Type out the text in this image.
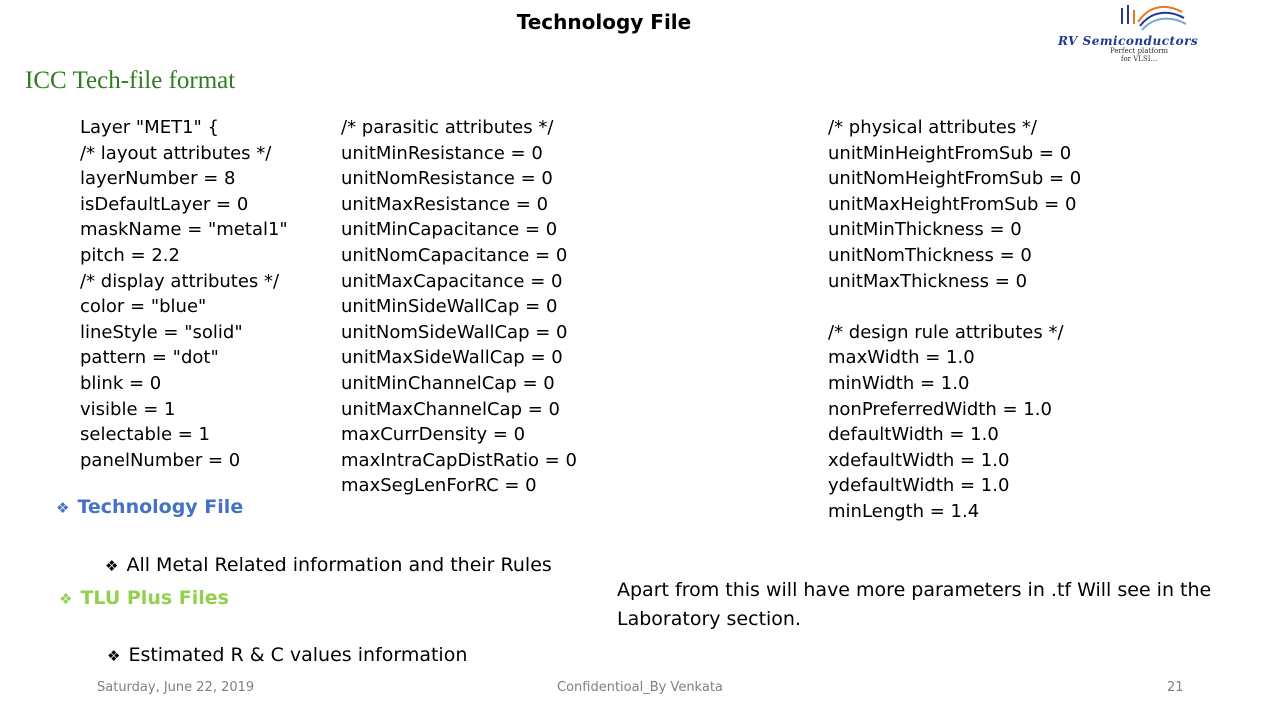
Technology File
RV Semiconductors
Perfect platform
for VLSI...
ICC Tech-file format
Layer "MET1" {
/* layout attributes */
layerNumber = 8
isDefaultLayer = 0
maskName = "metal1"
pitch = 2.2
/* display attributes */
color = "blue"
lineStyle = "solid"
pattern = "dot"
blink = 0
visible = 1
selectable = 1
panelNumber = 0
/* parasitic attributes */
unitMinResistance = 0
unitNomResistance = 0
unitMaxResistance = 0
unitMinCapacitance = 0
unitNomCapacitance = 0
unitMaxCapacitance = 0
unitMinSideWallCap = 0
unitNomSideWallCap = 0
unitMaxSideWallCap = 0
unitMinChannelCap = 0
unitMaxChannelCap = 0
maxCurrDensity = 0
maxIntraCapDistRatio = 0
maxSegLenForRC = 0
/* physical attributes */
unitMinHeightFromSub = 0
unitNomHeightFromSub = 0
unitMaxHeightFromSub = 0
unitMinThickness = 0
unitNomThickness = 0
unitMaxThickness = 0
/* design rule attributes */
maxWidth = 1.0
minWidth = 1.0
nonPreferredWidth = 1.0
defaultWidth = 1.0
xdefaultWidth = 1.0
ydefaultWidth = 1.0
minLength = 1.4
❖ Technology File
❖ All Metal Related information and their Rules
❖ TLU Plus Files
❖ Estimated R & C values information
Apart from this will have more parameters in .tf Will see in the Laboratory section.
Saturday, June 22, 2019	Confidentioal_By Venkata	21
